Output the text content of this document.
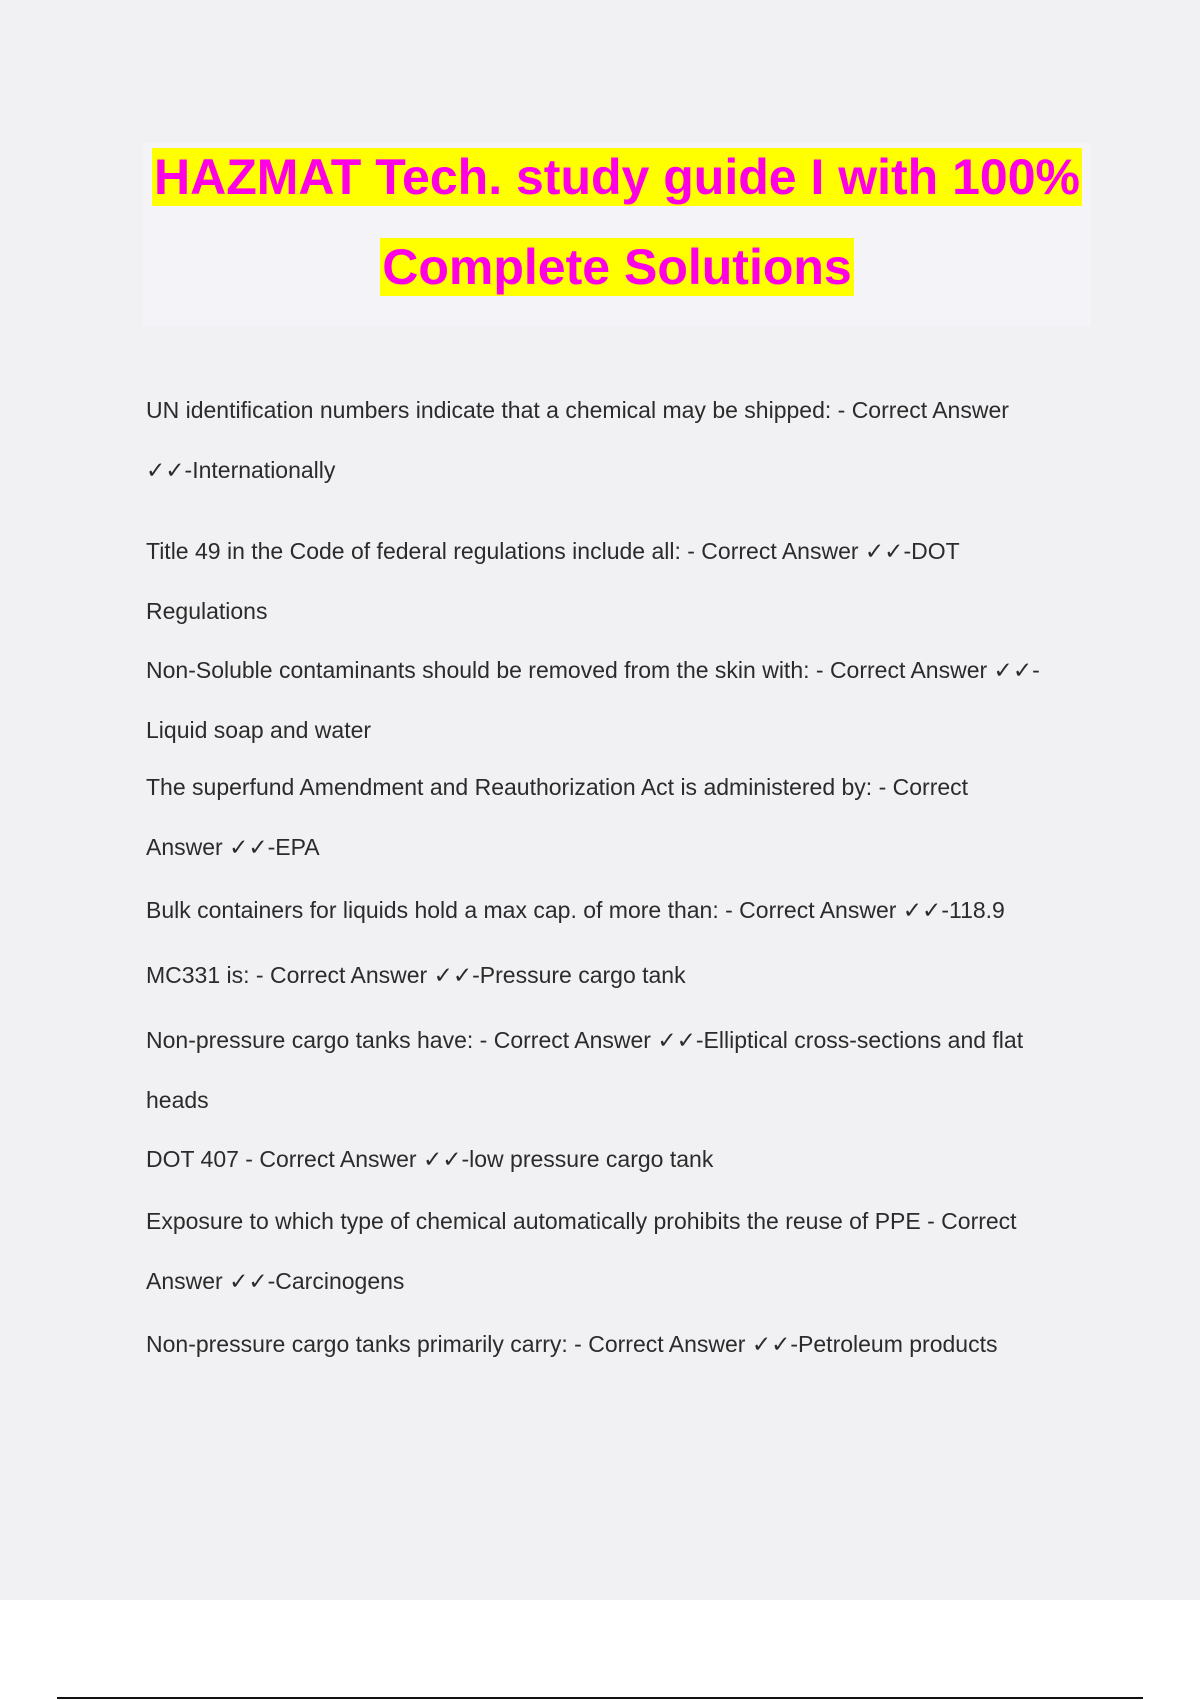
HAZMAT Tech. study guide I with 100%
Complete Solutions
UN identification numbers indicate that a chemical may be shipped: - Correct Answer
✓✓-Internationally
Title 49 in the Code of federal regulations include all: - Correct Answer ✓✓-DOT
Regulations
Non-Soluble contaminants should be removed from the skin with: - Correct Answer ✓✓-
Liquid soap and water
The superfund Amendment and Reauthorization Act is administered by: - Correct
Answer ✓✓-EPA
Bulk containers for liquids hold a max cap. of more than: - Correct Answer ✓✓-118.9
MC331 is: - Correct Answer ✓✓-Pressure cargo tank
Non-pressure cargo tanks have: - Correct Answer ✓✓-Elliptical cross-sections and flat
heads
DOT 407 - Correct Answer ✓✓-low pressure cargo tank
Exposure to which type of chemical automatically prohibits the reuse of PPE - Correct
Answer ✓✓-Carcinogens
Non-pressure cargo tanks primarily carry: - Correct Answer ✓✓-Petroleum products
